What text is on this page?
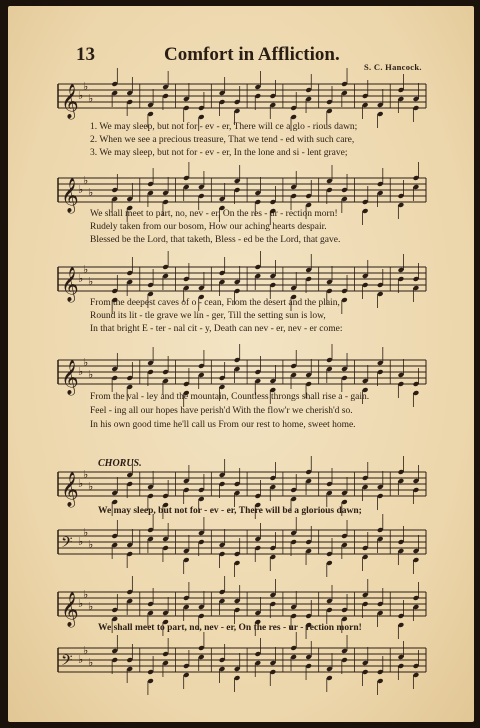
13	Comfort in Affliction.
S. C. Hancock.
𝄞 ♭
♭
♭
1. We may sleep, but not for - ev - er, There will ce a glo - rious dawn;
2. When we see a precious treasure, That we tend - ed with such care,
3. We may sleep, but not for - ev - er, In the lone and si - lent grave;
𝄞 ♭
♭
♭
We shall meet to part, no, nev - er, On the res - ur - rection morn!
Rudely taken from our bosom, How our aching hearts despair.
Blessed be the Lord, that taketh, Bless - ed be the Lord, that gave.
𝄞 ♭
♭
♭
From the deepest caves of o - cean, From the desert and the plain,
Round its lit - tle grave we lin - ger, Till the setting sun is low,
In that bright E - ter - nal cit - y, Death can nev - er, nev - er come:
𝄞 ♭
♭
♭
From the val - ley and the mountain, Countless throngs shall rise a - gain.
Feel - ing all our hopes have perish'd With the flow'r we cherish'd so.
In his own good time he'll call us From our rest to home, sweet home.
CHORUS.
𝄞 ♭
♭
♭
We may sleep, but not for - ev - er, There will be a glorious dawn;
𝄢 ♭
♭
♭
𝄞 ♭
♭
♭
We shall meet to part, no, nev - er, On the res - ur - rection morn!
𝄢 ♭
♭
♭
